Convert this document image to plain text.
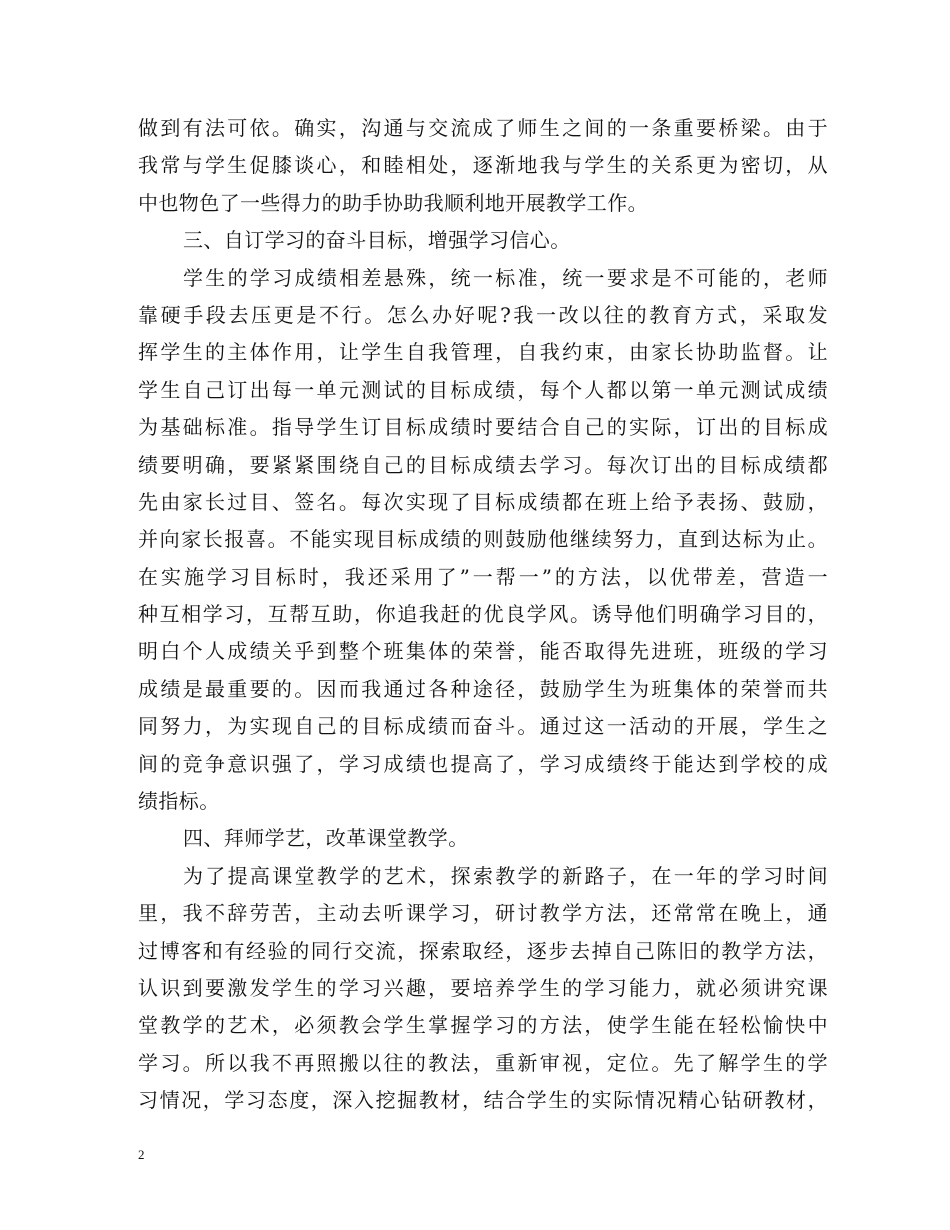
做到有法可依。确实，沟通与交流成了师生之间的一条重要桥梁。由于
我常与学生促膝谈心，和睦相处，逐渐地我与学生的关系更为密切，从
中也物色了一些得力的助手协助我顺利地开展教学工作。
三、自订学习的奋斗目标，增强学习信心。
学生的学习成绩相差悬殊，统一标准，统一要求是不可能的，老师
靠硬手段去压更是不行。怎么办好呢?我一改以往的教育方式，采取发
挥学生的主体作用，让学生自我管理，自我约束，由家长协助监督。让
学生自己订出每一单元测试的目标成绩，每个人都以第一单元测试成绩
为基础标准。指导学生订目标成绩时要结合自己的实际，订出的目标成
绩要明确，要紧紧围绕自己的目标成绩去学习。每次订出的目标成绩都
先由家长过目、签名。每次实现了目标成绩都在班上给予表扬、鼓励，
并向家长报喜。不能实现目标成绩的则鼓励他继续努力，直到达标为止。
在实施学习目标时，我还采用了”一帮一”的方法，以优带差，营造一
种互相学习，互帮互助，你追我赶的优良学风。诱导他们明确学习目的，
明白个人成绩关乎到整个班集体的荣誉，能否取得先进班，班级的学习
成绩是最重要的。因而我通过各种途径，鼓励学生为班集体的荣誉而共
同努力，为实现自己的目标成绩而奋斗。通过这一活动的开展，学生之
间的竞争意识强了，学习成绩也提高了，学习成绩终于能达到学校的成
绩指标。
四、拜师学艺，改革课堂教学。
为了提高课堂教学的艺术，探索教学的新路子，在一年的学习时间
里，我不辞劳苦，主动去听课学习，研讨教学方法，还常常在晚上，通
过博客和有经验的同行交流，探索取经，逐步去掉自己陈旧的教学方法，
认识到要激发学生的学习兴趣，要培养学生的学习能力，就必须讲究课
堂教学的艺术，必须教会学生掌握学习的方法，使学生能在轻松愉快中
学习。所以我不再照搬以往的教法，重新审视，定位。先了解学生的学
习情况，学习态度，深入挖掘教材，结合学生的实际情况精心钻研教材，
2
